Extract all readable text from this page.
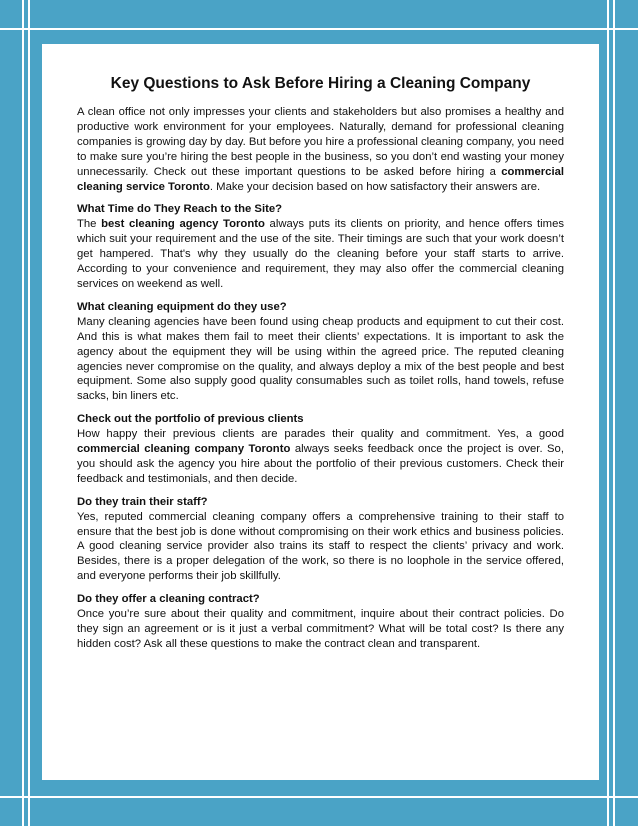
Key Questions to Ask Before Hiring a Cleaning Company

A clean office not only impresses your clients and stakeholders but also promises a healthy and productive work environment for your employees. Naturally, demand for professional cleaning companies is growing day by day. But before you hire a professional cleaning company, you need to make sure you’re hiring the best people in the business, so you don’t end wasting your money unnecessarily. Check out these important questions to be asked before hiring a commercial cleaning service Toronto. Make your decision based on how satisfactory their answers are.

What Time do They Reach to the Site?

The best cleaning agency Toronto always puts its clients on priority, and hence offers times which suit your requirement and the use of the site. Their timings are such that your work doesn’t get hampered. That's why they usually do the cleaning before your staff starts to arrive. According to your convenience and requirement, they may also offer the commercial cleaning services on weekend as well.

What cleaning equipment do they use?

Many cleaning agencies have been found using cheap products and equipment to cut their cost. And this is what makes them fail to meet their clients’ expectations. It is important to ask the agency about the equipment they will be using within the agreed price. The reputed cleaning agencies never compromise on the quality, and always deploy a mix of the best people and best equipment. Some also supply good quality consumables such as toilet rolls, hand towels, refuse sacks, bin liners etc.

Check out the portfolio of previous clients

How happy their previous clients are parades their quality and commitment. Yes, a good commercial cleaning company Toronto always seeks feedback once the project is over. So, you should ask the agency you hire about the portfolio of their previous customers. Check their feedback and testimonials, and then decide.

Do they train their staff?

Yes, reputed commercial cleaning company offers a comprehensive training to their staff to ensure that the best job is done without compromising on their work ethics and business policies. A good cleaning service provider also trains its staff to respect the clients’ privacy and work. Besides, there is a proper delegation of the work, so there is no loophole in the service offered, and everyone performs their job skillfully.

Do they offer a cleaning contract?

Once you’re sure about their quality and commitment, inquire about their contract policies. Do they sign an agreement or is it just a verbal commitment? What will be total cost? Is there any hidden cost? Ask all these questions to make the contract clean and transparent.
